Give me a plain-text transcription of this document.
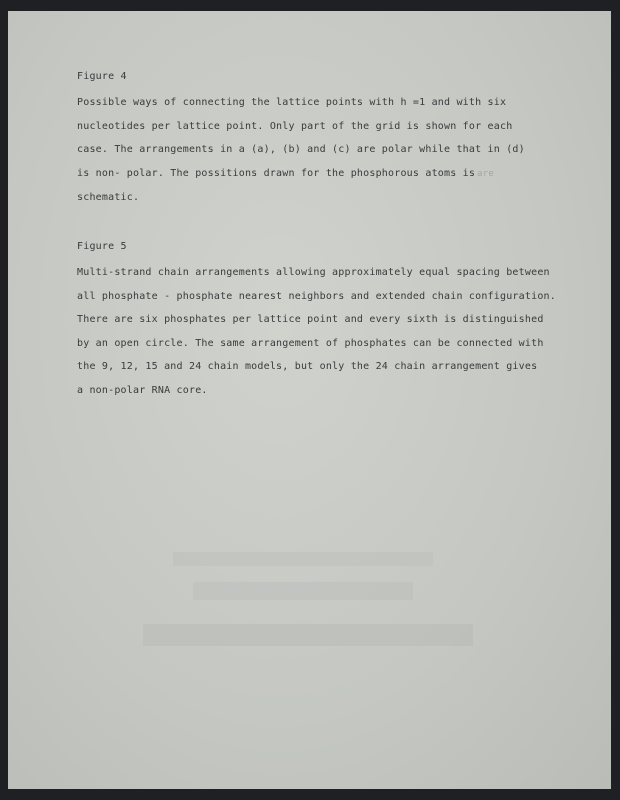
Figure 4
Possible ways of connecting the lattice points with h =1 and with six
nucleotides per lattice point. Only part of the grid is shown for each
case. The arrangements in a (a), (b) and (c) are polar while that in (d)
is non- polar. The possitions drawn for the phosphorous atoms is are
schematic.
Figure 5
Multi-strand chain arrangements allowing approximately equal spacing between
all phosphate - phosphate nearest neighbors and extended chain configuration.
There are six phosphates per lattice point and every sixth is distinguished
by an open circle. The same arrangement of phosphates can be connected with
the 9, 12, 15 and 24 chain models, but only the 24 chain arrangement gives
a non-polar RNA core.
